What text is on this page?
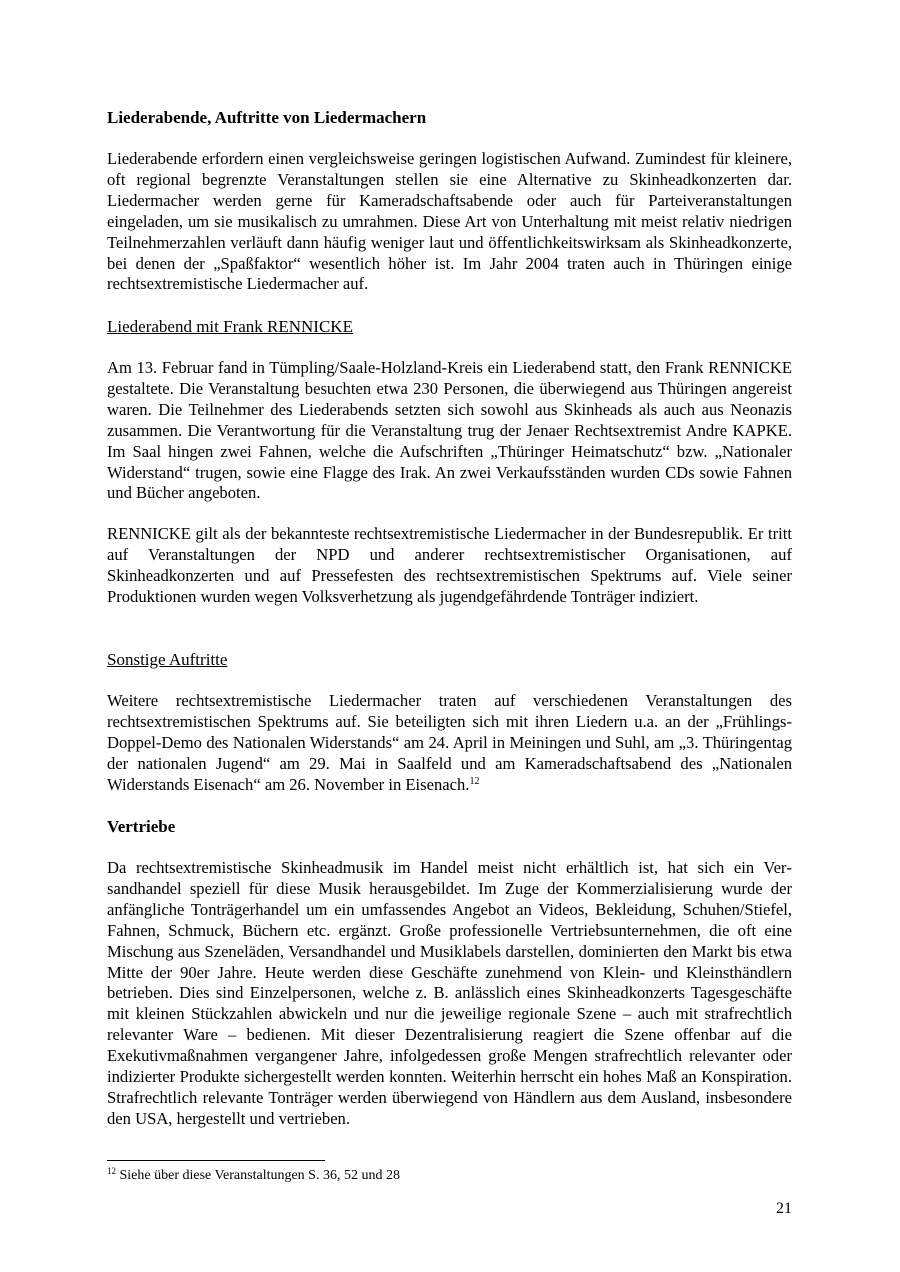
Liederabende, Auftritte von Liedermachern
Liederabende erfordern einen vergleichsweise geringen logistischen Aufwand. Zumindest für kleinere, oft regional begrenzte Veranstaltungen stellen sie eine Alternative zu Skinheadkonzerten dar. Liedermacher werden gerne für Kameradschaftsabende oder auch für Parteiveranstaltungen eingeladen, um sie musikalisch zu umrahmen. Diese Art von Unterhaltung mit meist relativ niedrigen Teilnehmerzahlen verläuft dann häufig weniger laut und öffentlichkeitswirksam als Skinheadkonzerte, bei denen der „Spaßfaktor“ wesentlich höher ist. Im Jahr 2004 traten auch in Thüringen einige rechtsextremistische Liedermacher auf.
Liederabend mit Frank RENNICKE
Am 13. Februar fand in Tümpling/Saale-Holzland-Kreis ein Liederabend statt, den Frank RENNICKE gestaltete. Die Veranstaltung besuchten etwa 230 Personen, die überwiegend aus Thüringen angereist waren. Die Teilnehmer des Liederabends setzten sich sowohl aus Skinheads als auch aus Neonazis zusammen. Die Verantwortung für die Veranstaltung trug der Jenaer Rechtsextremist Andre KAPKE. Im Saal hingen zwei Fahnen, welche die Aufschriften „Thüringer Heimatschutz“ bzw. „Nationaler Widerstand“ trugen, sowie eine Flagge des Irak. An zwei Verkaufsständen wurden CDs sowie Fahnen und Bücher angeboten.
RENNICKE gilt als der bekannteste rechtsextremistische Liedermacher in der Bundesrepublik. Er tritt auf Veranstaltungen der NPD und anderer rechtsextremistischer Organisationen, auf Skinheadkonzerten und auf Pressefesten des rechtsextremistischen Spektrums auf. Viele seiner Produktionen wurden wegen Volksverhetzung als jugendgefährdende Tonträger indiziert.
Sonstige Auftritte
Weitere rechtsextremistische Liedermacher traten auf verschiedenen Veranstaltungen des rechtsextremistischen Spektrums auf. Sie beteiligten sich mit ihren Liedern u.a. an der „Frühlings-Doppel-Demo des Nationalen Widerstands“ am 24. April in Meiningen und Suhl, am „3. Thüringentag der nationalen Jugend“ am 29. Mai in Saalfeld und am Kameradschaftsabend des „Nationalen Widerstands Eisenach“ am 26. November in Eisenach.$^{12}$
Vertriebe
Da rechtsextremistische Skinheadmusik im Handel meist nicht erhältlich ist, hat sich ein Versandhandel speziell für diese Musik herausgebildet. Im Zuge der Kommerzialisierung wurde der anfängliche Tonträgerhandel um ein umfassendes Angebot an Videos, Bekleidung, Schuhen/Stiefel, Fahnen, Schmuck, Büchern etc. ergänzt. Große professionelle Vertriebsunternehmen, die oft eine Mischung aus Szeneläden, Versandhandel und Musiklabels darstellen, dominierten den Markt bis etwa Mitte der 90er Jahre. Heute werden diese Geschäfte zunehmend von Klein- und Kleinsthändlern betrieben. Dies sind Einzelpersonen, welche z. B. anlässlich eines Skinheadkonzerts Tagesgeschäfte mit kleinen Stückzahlen abwickeln und nur die jeweilige regionale Szene – auch mit strafrechtlich relevanter Ware – bedienen. Mit dieser Dezentralisierung reagiert die Szene offenbar auf die Exekutivmaßnahmen vergangener Jahre, infolgedessen große Mengen strafrechtlich relevanter oder indizierter Produkte sichergestellt werden konnten. Weiterhin herrscht ein hohes Maß an Konspiration. Strafrechtlich relevante Tonträger werden überwiegend von Händlern aus dem Ausland, insbesondere den USA, hergestellt und vertrieben.
$^{12}$ Siehe über diese Veranstaltungen S. 36, 52 und 28
21
